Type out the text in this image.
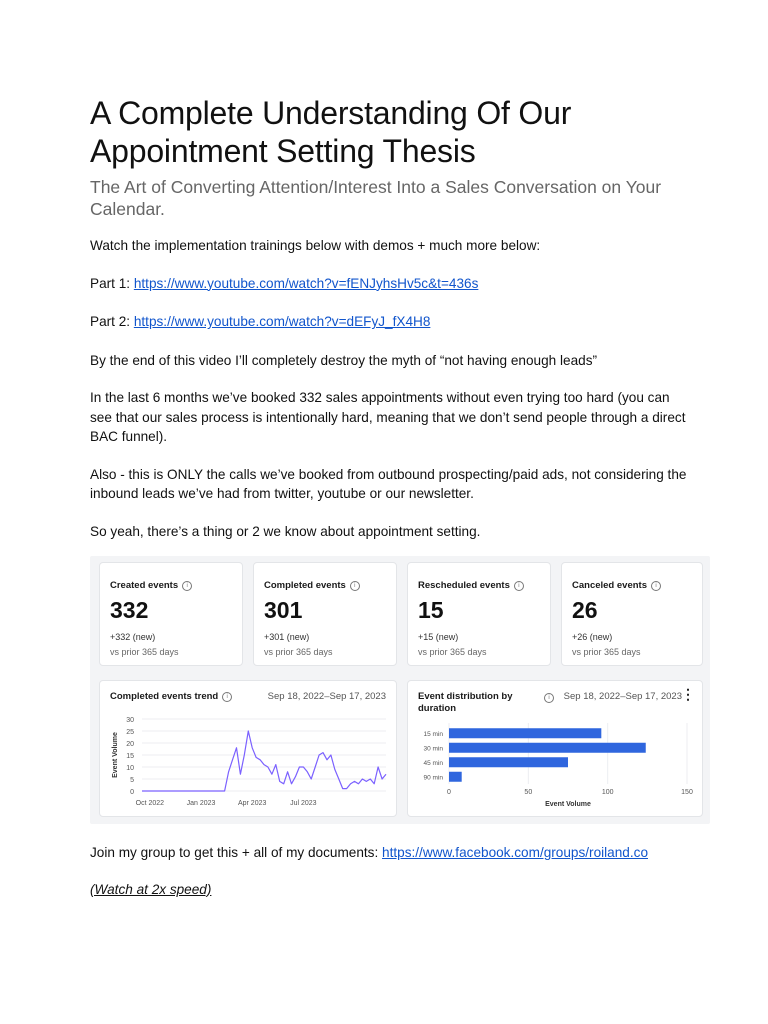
A Complete Understanding Of Our Appointment Setting Thesis
The Art of Converting Attention/Interest Into a Sales Conversation on Your Calendar.

Watch the implementation trainings below with demos + much more below:

Part 1: https://www.youtube.com/watch?v=fENJyhsHv5c&t=436s

Part 2: https://www.youtube.com/watch?v=dEFyJ_fX4H8

By the end of this video I’ll completely destroy the myth of “not having enough leads”

In the last 6 months we’ve booked 332 sales appointments without even trying too hard (you can see that our sales process is intentionally hard, meaning that we don’t send people through a direct BAC funnel).

Also - this is ONLY the calls we’ve booked from outbound prospecting/paid ads, not considering the inbound leads we’ve had from twitter, youtube or our newsletter.

So yeah, there’s a thing or 2 we know about appointment setting.

Created events i
332
+332 (new)
vs prior 365 days
Completed events i
301
+301 (new)
vs prior 365 days
Rescheduled events i
15
+15 (new)
vs prior 365 days
Canceled events i
26
+26 (new)
vs prior 365 days
Completed events trend i	Sep 18, 2022–Sep 17, 2023
0
5
10
15
20
25
30
Oct 2022	Jan 2023	Apr 2023	Jul 2023
Event Volume
Event distribution by duration
i	Sep 18, 2022–Sep 17, 2023 ⋮
0	50	100	150
15 min
30 min
45 min
90 min
Event Volume

Join my group to get this + all of my documents: https://www.facebook.com/groups/roiland.co

(Watch at 2x speed)
